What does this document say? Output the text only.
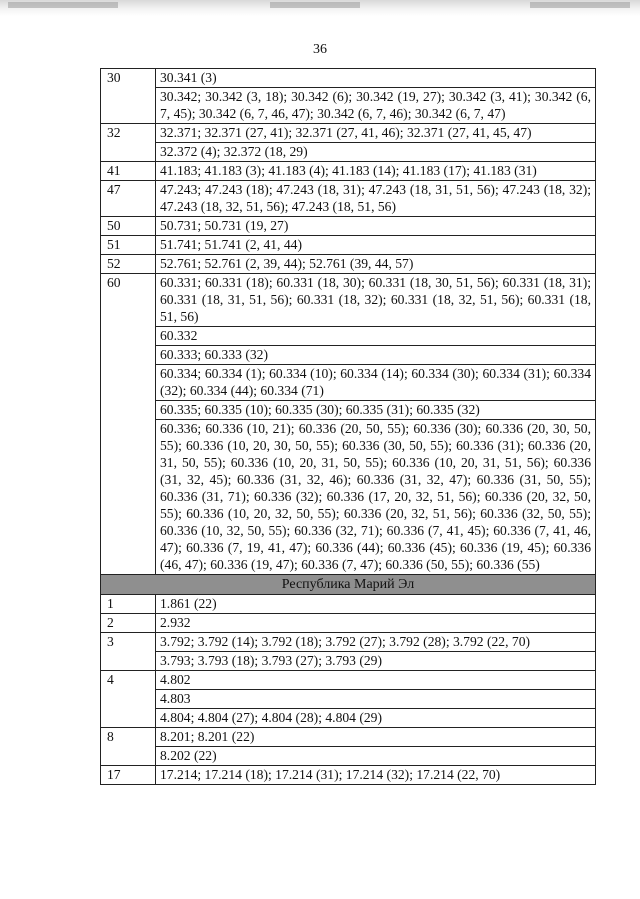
36
30	30.341 (3)
	30.342; 30.342 (3, 18); 30.342 (6); 30.342 (19, 27); 30.342 (3, 41); 30.342 (6, 7, 45); 30.342 (6, 7, 46, 47); 30.342 (6, 7, 46); 30.342 (6, 7, 47)
32	32.371; 32.371 (27, 41); 32.371 (27, 41, 46); 32.371 (27, 41, 45, 47)
	32.372 (4); 32.372 (18, 29)
41	41.183; 41.183 (3); 41.183 (4); 41.183 (14); 41.183 (17); 41.183 (31)
47	47.243; 47.243 (18); 47.243 (18, 31); 47.243 (18, 31, 51, 56); 47.243 (18, 32); 47.243 (18, 32, 51, 56); 47.243 (18, 51, 56)
50	50.731; 50.731 (19, 27)
51	51.741; 51.741 (2, 41, 44)
52	52.761; 52.761 (2, 39, 44); 52.761 (39, 44, 57)
60	60.331; 60.331 (18); 60.331 (18, 30); 60.331 (18, 30, 51, 56); 60.331 (18, 31); 60.331 (18, 31, 51, 56); 60.331 (18, 32); 60.331 (18, 32, 51, 56); 60.331 (18, 51, 56)
	60.332
	60.333; 60.333 (32)
	60.334; 60.334 (1); 60.334 (10); 60.334 (14); 60.334 (30); 60.334 (31); 60.334 (32); 60.334 (44); 60.334 (71)
	60.335; 60.335 (10); 60.335 (30); 60.335 (31); 60.335 (32)
	60.336; 60.336 (10, 21); 60.336 (20, 50, 55); 60.336 (30); 60.336 (20, 30, 50, 55); 60.336 (10, 20, 30, 50, 55); 60.336 (30, 50, 55); 60.336 (31); 60.336 (20, 31, 50, 55); 60.336 (10, 20, 31, 50, 55); 60.336 (10, 20, 31, 51, 56); 60.336 (31, 32, 45); 60.336 (31, 32, 46); 60.336 (31, 32, 47); 60.336 (31, 50, 55); 60.336 (31, 71); 60.336 (32); 60.336 (17, 20, 32, 51, 56); 60.336 (20, 32, 50, 55); 60.336 (10, 20, 32, 50, 55); 60.336 (20, 32, 51, 56); 60.336 (32, 50, 55); 60.336 (10, 32, 50, 55); 60.336 (32, 71); 60.336 (7, 41, 45); 60.336 (7, 41, 46, 47); 60.336 (7, 19, 41, 47); 60.336 (44); 60.336 (45); 60.336 (19, 45); 60.336 (46, 47); 60.336 (19, 47); 60.336 (7, 47); 60.336 (50, 55); 60.336 (55)
Республика Марий Эл	
1	1.861 (22)
2	2.932
3	3.792; 3.792 (14); 3.792 (18); 3.792 (27); 3.792 (28); 3.792 (22, 70)
	3.793; 3.793 (18); 3.793 (27); 3.793 (29)
4	4.802
	4.803
	4.804; 4.804 (27); 4.804 (28); 4.804 (29)
8	8.201; 8.201 (22)
	8.202 (22)
17	17.214; 17.214 (18); 17.214 (31); 17.214 (32); 17.214 (22, 70)
